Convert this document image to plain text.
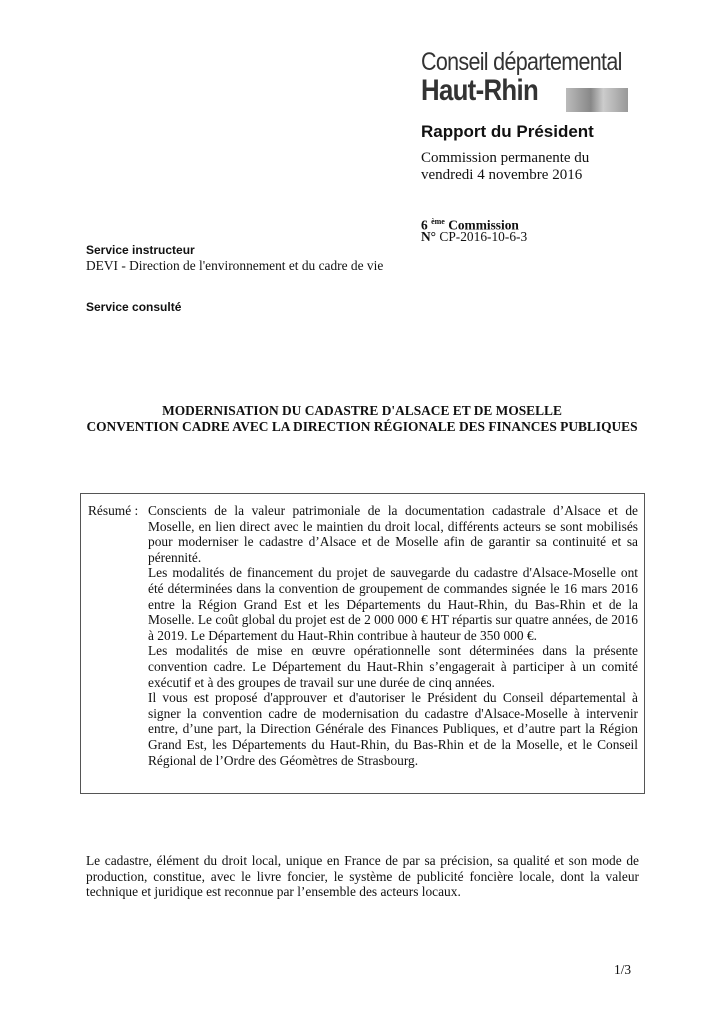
Conseil départemental
Haut-Rhin
Rapport du Président
Commission permanente du vendredi 4 novembre 2016
6 $^{ème}$ Commission
N° CP-2016-10-6-3
Service instructeur
DEVI - Direction de l'environnement et du cadre de vie
Service consulté
MODERNISATION DU CADASTRE D'ALSACE ET DE MOSELLE
CONVENTION CADRE AVEC LA DIRECTION RÉGIONALE DES FINANCES PUBLIQUES
Résumé : Conscients de la valeur patrimoniale de la documentation cadastrale d’Alsace et de Moselle, en lien direct avec le maintien du droit local, différents acteurs se sont mobilisés pour moderniser le cadastre d’Alsace et de Moselle afin de garantir sa continuité et sa pérennité.

Les modalités de financement du projet de sauvegarde du cadastre d'Alsace-Moselle ont été déterminées dans la convention de groupement de commandes signée le 16 mars 2016 entre la Région Grand Est et les Départements du Haut-Rhin, du Bas-Rhin et de la Moselle. Le coût global du projet est de 2 000 000 € HT répartis sur quatre années, de 2016 à 2019. Le Département du Haut-Rhin contribue à hauteur de 350 000 €.

Les modalités de mise en œuvre opérationnelle sont déterminées dans la présente convention cadre. Le Département du Haut-Rhin s’engagerait à participer à un comité exécutif et à des groupes de travail sur une durée de cinq années.

Il vous est proposé d'approuver et d'autoriser le Président du Conseil départemental à signer la convention cadre de modernisation du cadastre d'Alsace-Moselle à intervenir entre, d’une part, la Direction Générale des Finances Publiques, et d’autre part la Région Grand Est, les Départements du Haut-Rhin, du Bas-Rhin et de la Moselle, et le Conseil Régional de l’Ordre des Géomètres de Strasbourg.

Le cadastre, élément du droit local, unique en France de par sa précision, sa qualité et son mode de production, constitue, avec le livre foncier, le système de publicité foncière locale, dont la valeur technique et juridique est reconnue par l’ensemble des acteurs locaux.
1/3
